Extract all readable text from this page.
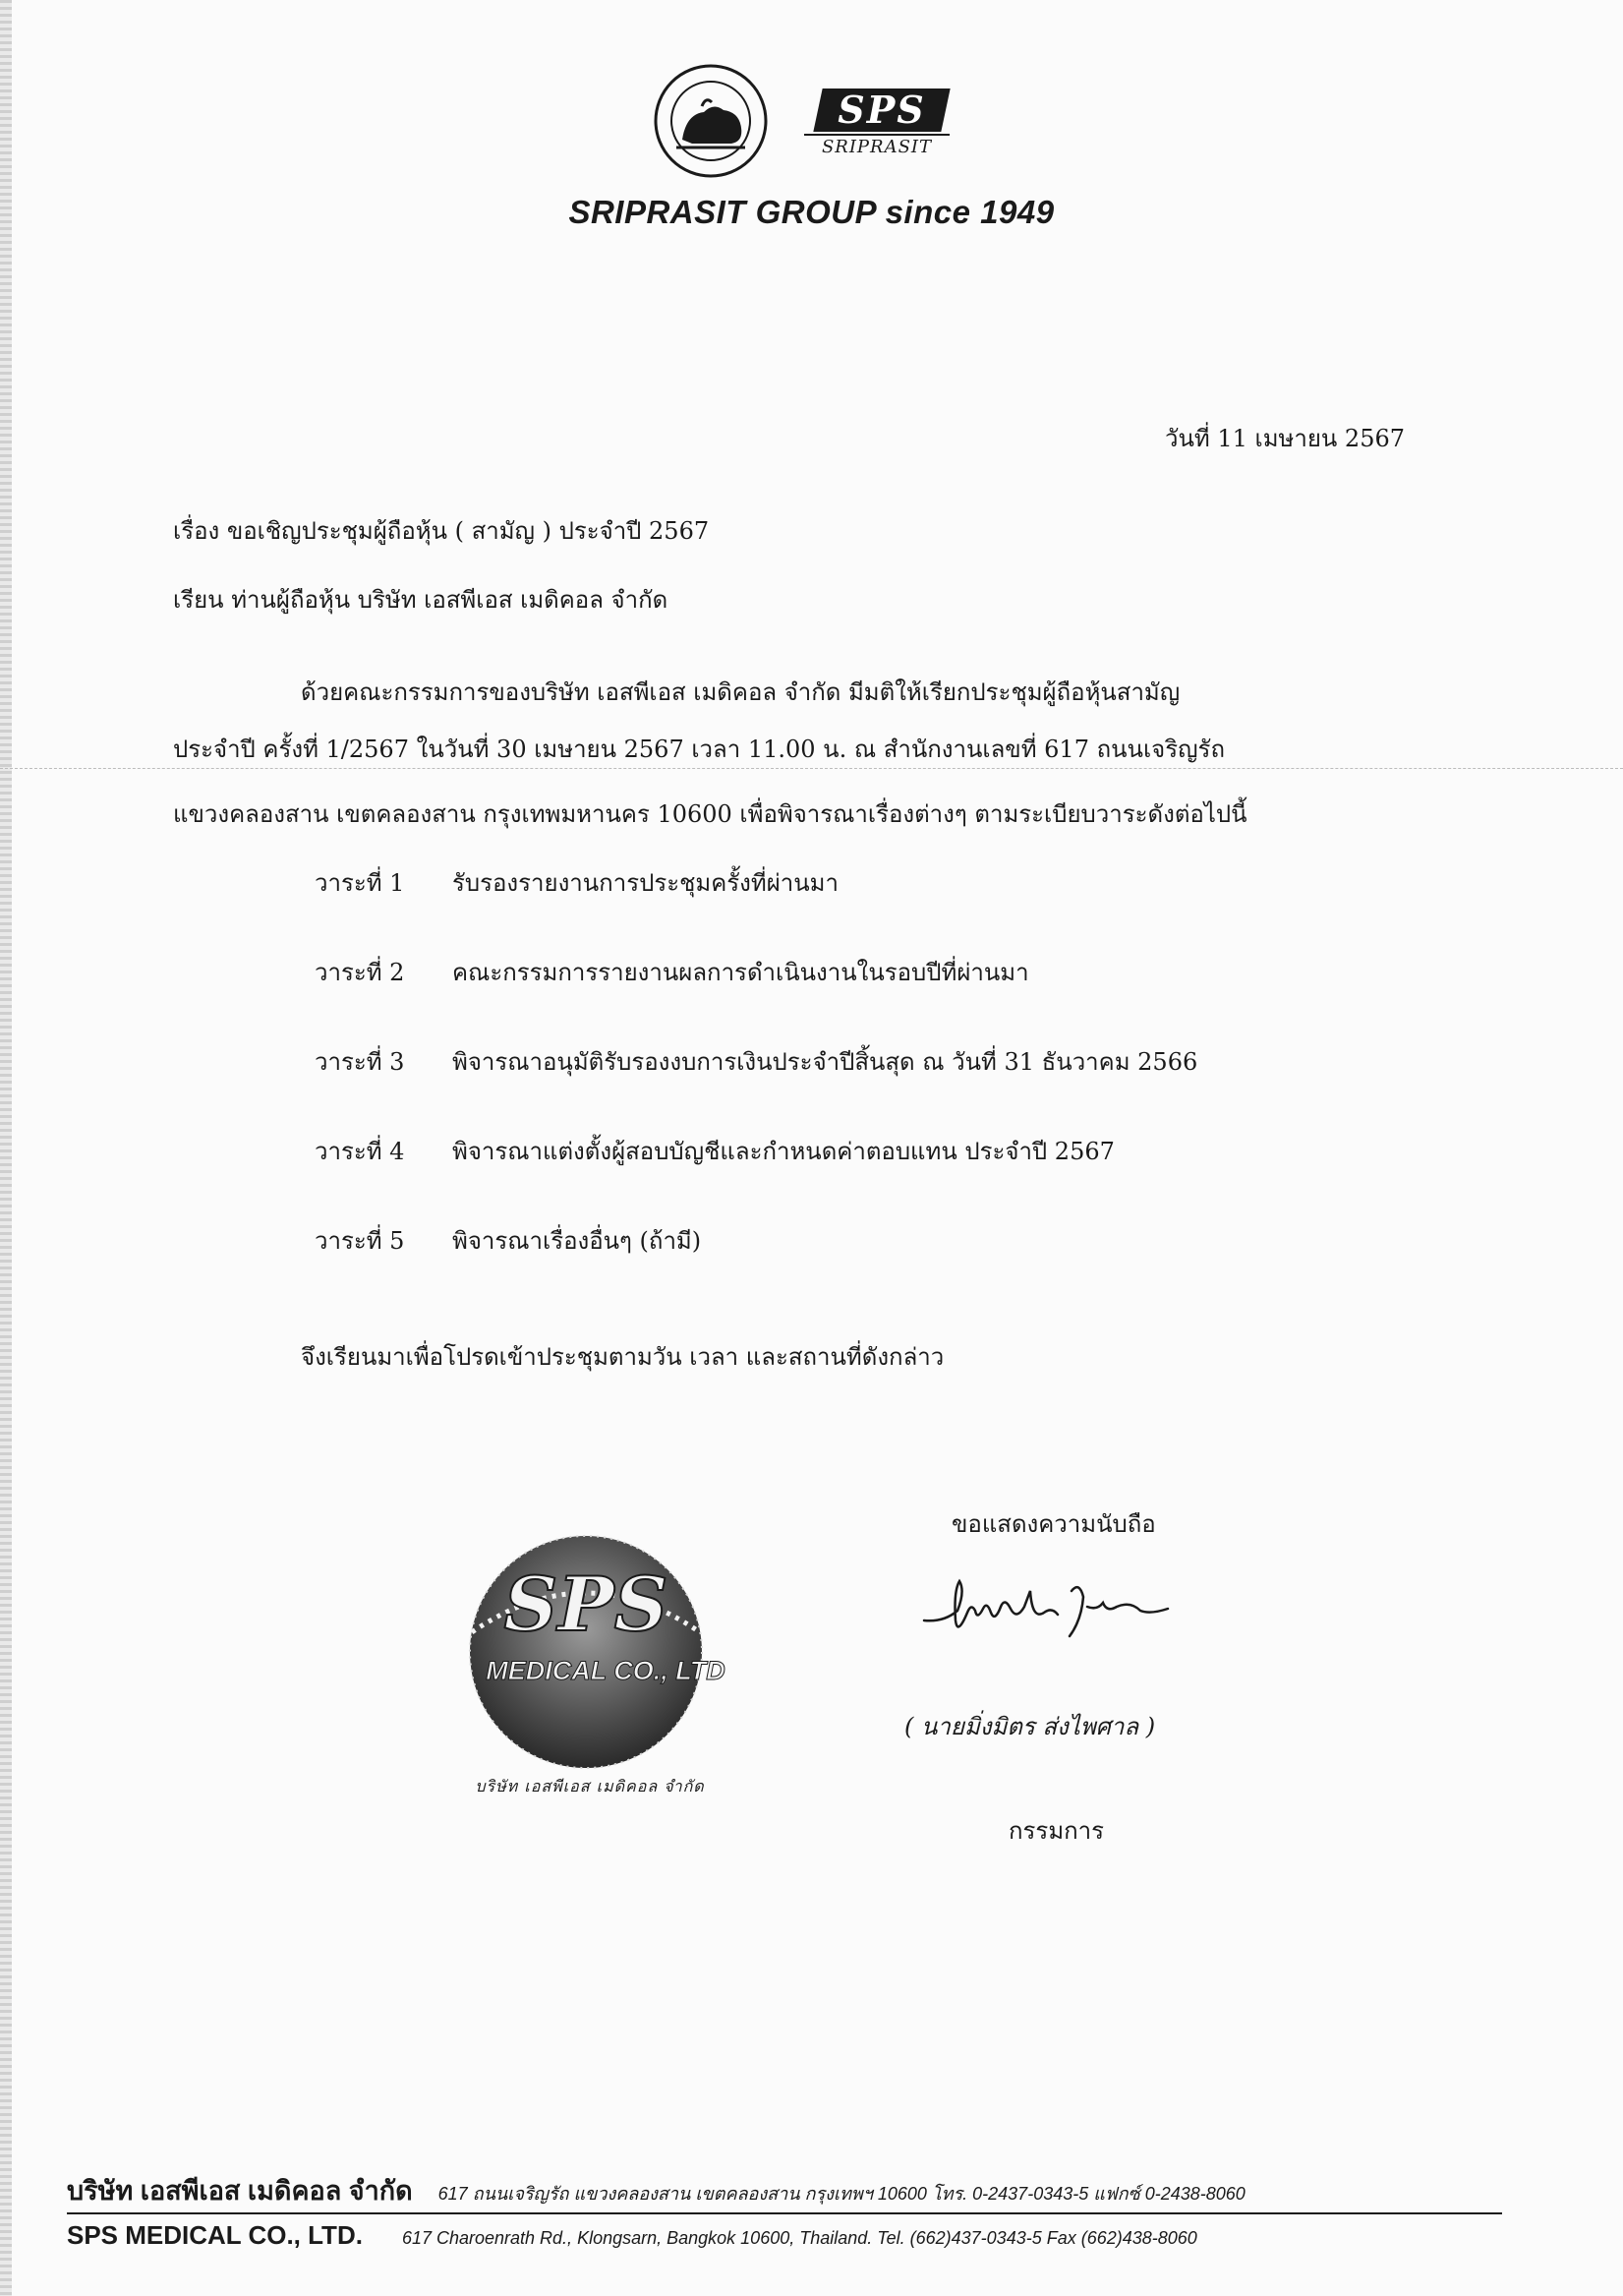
SPS
SRIPRASIT
SRIPRASIT GROUP since 1949
วันที่ 11 เมษายน 2567
เรื่อง ขอเชิญประชุมผู้ถือหุ้น ( สามัญ ) ประจำปี 2567
เรียน ท่านผู้ถือหุ้น บริษัท เอสพีเอส เมดิคอล จำกัด
ด้วยคณะกรรมการของบริษัท เอสพีเอส เมดิคอล จำกัด มีมติให้เรียกประชุมผู้ถือหุ้นสามัญ
ประจำปี ครั้งที่ 1/2567 ในวันที่ 30 เมษายน 2567 เวลา 11.00 น. ณ สำนักงานเลขที่ 617 ถนนเจริญรัถ
แขวงคลองสาน เขตคลองสาน กรุงเทพมหานคร 10600 เพื่อพิจารณาเรื่องต่างๆ ตามระเบียบวาระดังต่อไปนี้
วาระที่ 1 รับรองรายงานการประชุมครั้งที่ผ่านมา
วาระที่ 2 คณะกรรมการรายงานผลการดำเนินงานในรอบปีที่ผ่านมา
วาระที่ 3 พิจารณาอนุมัติรับรองงบการเงินประจำปีสิ้นสุด ณ วันที่ 31 ธันวาคม 2566
วาระที่ 4 พิจารณาแต่งตั้งผู้สอบบัญชีและกำหนดค่าตอบแทน ประจำปี 2567
วาระที่ 5 พิจารณาเรื่องอื่นๆ (ถ้ามี)
จึงเรียนมาเพื่อโปรดเข้าประชุมตามวัน เวลา และสถานที่ดังกล่าว
ขอแสดงความนับถือ
( นายมิ่งมิตร ส่งไพศาล )
กรรมการ
SPS
MEDICAL CO., LTD
บริษัท เอสพีเอส เมดิคอล จำกัด
บริษัท เอสพีเอส เมดิคอล จำกัด 617 ถนนเจริญรัถ แขวงคลองสาน เขตคลองสาน กรุงเทพฯ 10600 โทร. 0-2437-0343-5 แฟกซ์ 0-2438-8060
SPS MEDICAL CO., LTD. 617 Charoenrath Rd., Klongsarn, Bangkok 10600, Thailand. Tel. (662)437-0343-5 Fax (662)438-8060
